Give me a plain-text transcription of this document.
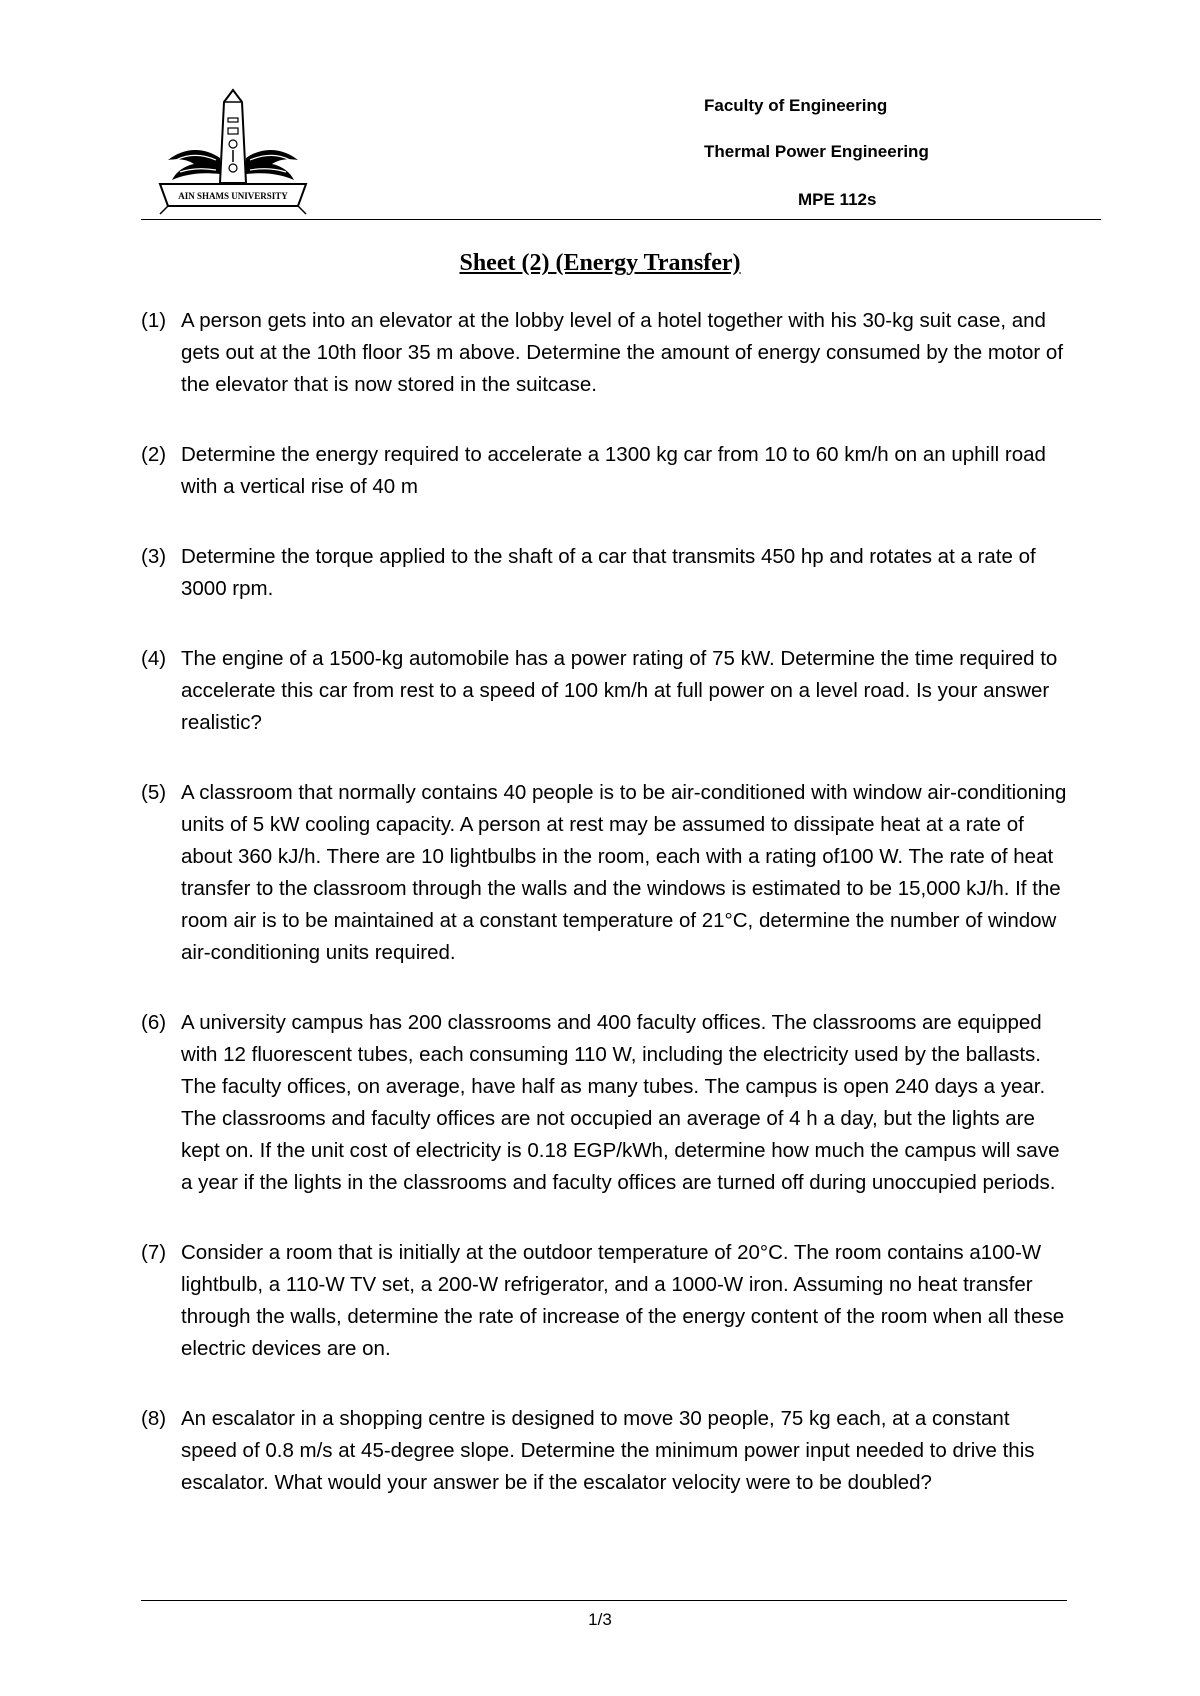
AIN SHAMS UNIVERSITY
Faculty of Engineering
Thermal Power Engineering
MPE 112s
Sheet (2) (Energy Transfer)
(1) A person gets into an elevator at the lobby level of a hotel together with his 30-kg suit case, and gets out at the 10th floor 35 m above. Determine the amount of energy consumed by the motor of the elevator that is now stored in the suitcase.
(2) Determine the energy required to accelerate a 1300 kg car from 10 to 60 km/h on an uphill road with a vertical rise of 40 m
(3) Determine the torque applied to the shaft of a car that transmits 450 hp and rotates at a rate of 3000 rpm.
(4) The engine of a 1500-kg automobile has a power rating of 75 kW. Determine the time required to accelerate this car from rest to a speed of 100 km/h at full power on a level road. Is your answer realistic?
(5) A classroom that normally contains 40 people is to be air-conditioned with window air-conditioning units of 5 kW cooling capacity. A person at rest may be assumed to dissipate heat at a rate of about 360 kJ/h. There are 10 lightbulbs in the room, each with a rating of100 W. The rate of heat transfer to the classroom through the walls and the windows is estimated to be 15,000 kJ/h. If the room air is to be maintained at a constant temperature of 21°C, determine the number of window air-conditioning units required.
(6) A university campus has 200 classrooms and 400 faculty offices. The classrooms are equipped with 12 fluorescent tubes, each consuming 110 W, including the electricity used by the ballasts. The faculty offices, on average, have half as many tubes. The campus is open 240 days a year. The classrooms and faculty offices are not occupied an average of 4 h a day, but the lights are kept on. If the unit cost of electricity is 0.18 EGP/kWh, determine how much the campus will save a year if the lights in the classrooms and faculty offices are turned off during unoccupied periods.
(7) Consider a room that is initially at the outdoor temperature of 20°C. The room contains a100-W lightbulb, a 110-W TV set, a 200-W refrigerator, and a 1000-W iron. Assuming no heat transfer through the walls, determine the rate of increase of the energy content of the room when all these electric devices are on.
(8) An escalator in a shopping centre is designed to move 30 people, 75 kg each, at a constant speed of 0.8 m/s at 45-degree slope. Determine the minimum power input needed to drive this escalator. What would your answer be if the escalator velocity were to be doubled?
1/3
